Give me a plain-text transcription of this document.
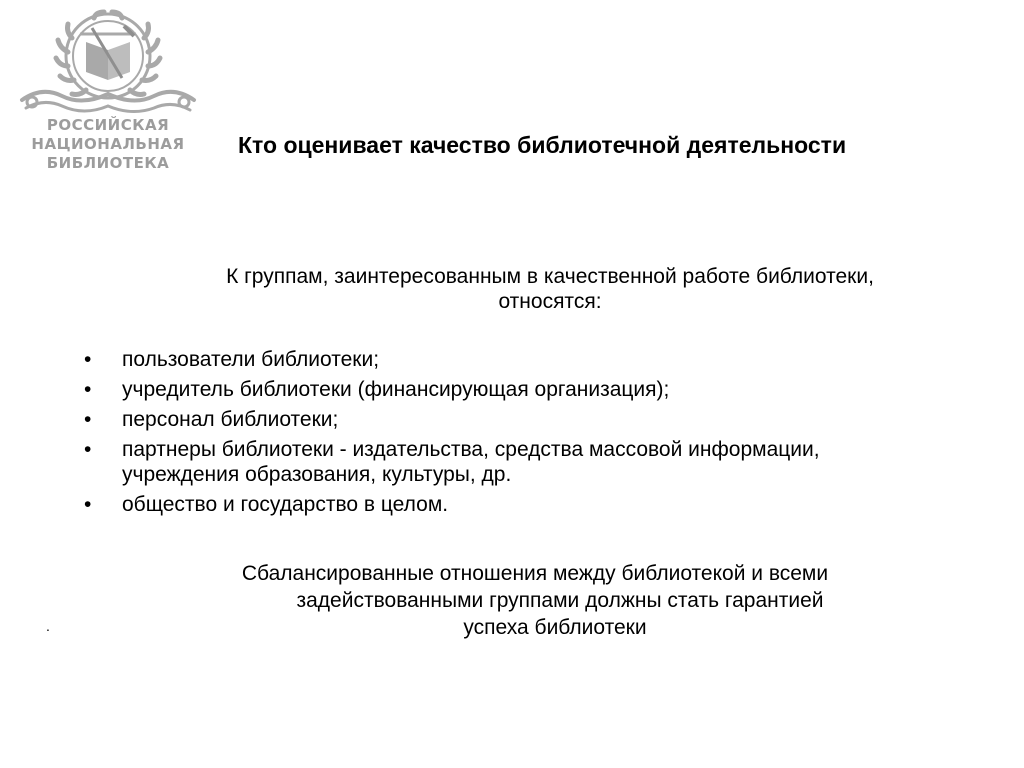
РОССИЙСКАЯ
НАЦИОНАЛЬНАЯ
БИБЛИОТЕКА
Кто оценивает качество библиотечной деятельности
К группам, заинтересованным в качественной работе библиотеки,
относятся:
• пользователи библиотеки;
• учредитель библиотеки (финансирующая организация);
• персонал библиотеки;
• партнеры библиотеки - издательства, средства массовой информации,
учреждения образования, культуры, др.
• общество и государство в целом.
Сбалансированные отношения между библиотекой и всеми
задействованными группами должны стать гарантией
успеха библиотеки
.
